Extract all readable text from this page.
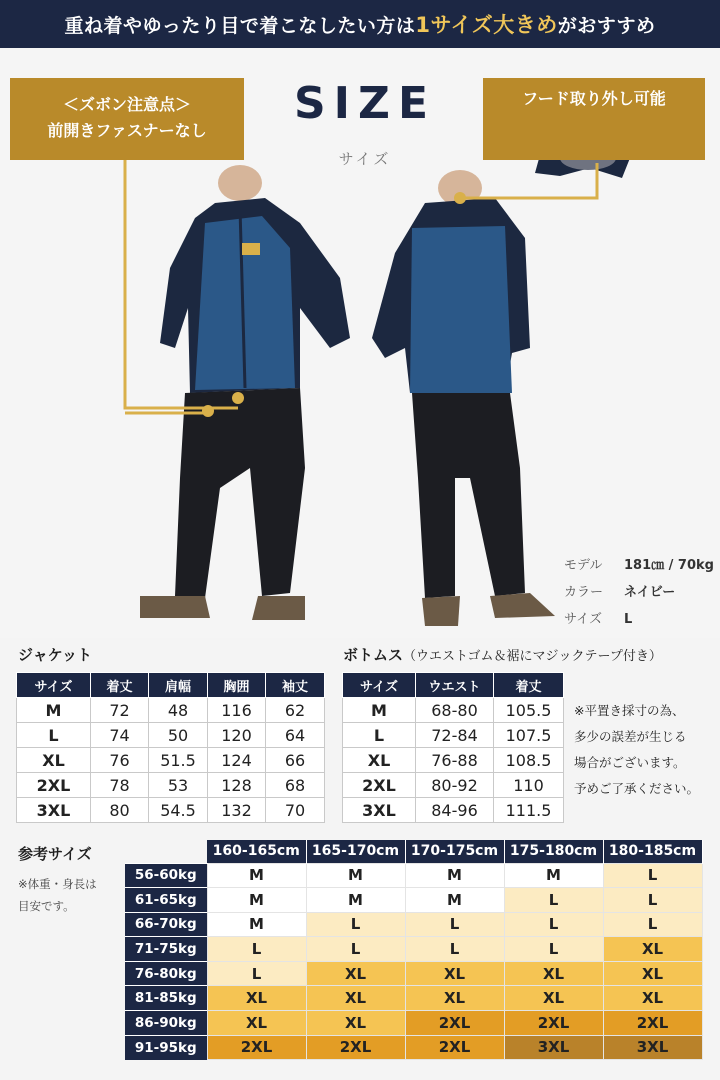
重ね着やゆったり目で着こなしたい方は 1サイズ大きめ がおすすめ
SIZE
サイズ
＜ズボン注意点＞
前開きファスナーなし
フード取り外し可能
モデル 181㎝ / 70kg
カラー ネイビー
サイズ L
ジャケット
サイズ	着丈	肩幅	胸囲	袖丈
M	72	48	116	62
L	74	50	120	64
XL	76	51.5	124	66
2XL	78	53	128	68
3XL	80	54.5	132	70
ボトムス（ウエストゴム＆裾にマジックテープ付き）
サイズ	ウエスト	着丈
M	68-80	105.5
L	72-84	107.5
XL	76-88	108.5
2XL	80-92	110
3XL	84-96	111.5
※平置き採寸の為、
多少の誤差が生じる
場合がございます。
予めご了承ください。
参考サイズ
※体重・身長は
目安です。
	160-165cm	165-170cm	170-175cm	175-180cm	180-185cm
56-60kg	M	M	M	M	L
61-65kg	M	M	M	L	L
66-70kg	M	L	L	L	L
71-75kg	L	L	L	L	XL
76-80kg	L	XL	XL	XL	XL
81-85kg	XL	XL	XL	XL	XL
86-90kg	XL	XL	2XL	2XL	2XL
91-95kg	2XL	2XL	2XL	3XL	3XL
